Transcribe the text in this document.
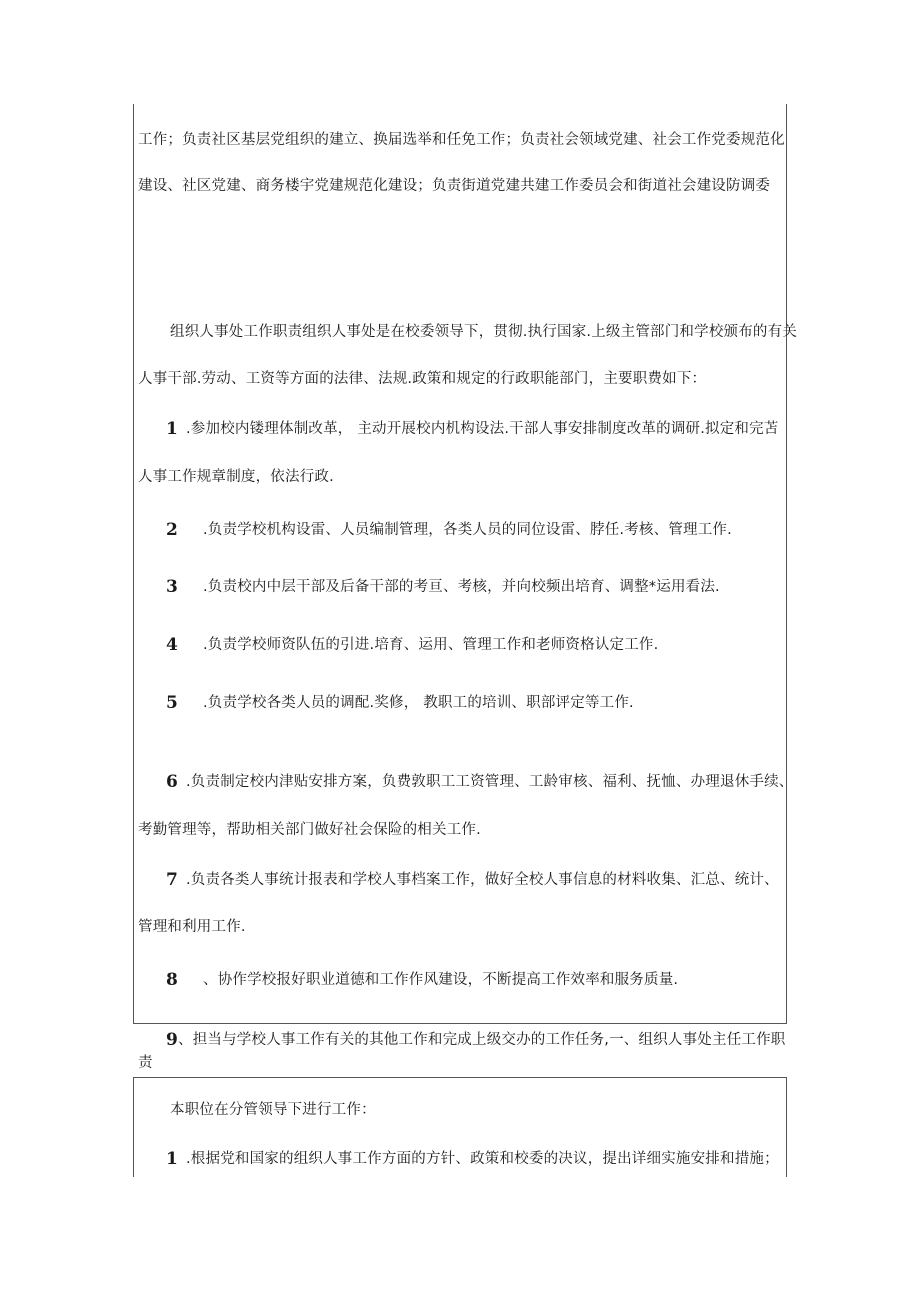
工作；负责社区基层党组织的建立、换届选举和任免工作；负责社会领域党建、社会工作党委规范化
建设、社区党建、商务楼宇党建规范化建设；负责街道党建共建工作委员会和街道社会建设防调委
组织人事处工作职责组织人事处是在校委领导下，贯彻.执行国家.上级主管部门和学校颁布的有关
人事干部.劳动、工资等方面的法律、法规.政策和规定的行政职能部门，主要职费如下：
1 .参加校内镂理体制改革， 主动开展校内机构设法.干部人事安排制度改革的调研.拟定和完苫
人事工作规章制度，依法行政.
2 .负责学校机构设雷、人员编制管理，各类人员的同位设雷、脖任.考核、管理工作.
3 .负责校内中层干部及后备干部的考亘、考核，并向校频出培育、调整*运用看法.
4 .负责学校师资队伍的引进.培育、运用、管理工作和老师资格认定工作.
5 .负责学校各类人员的调配.奖修， 教职工的培训、职部评定等工作.
6 .负责制定校内津贴安排方案，负费敦职工工资管理、工龄审核、福利、抚恤、办理退休手续、
考勤管理等，帮助相关部门做好社会保险的相关工作.
7 .负责各类人事统计报表和学校人事档案工作，做好全校人事信息的材料收集、汇总、统计、
管理和利用工作.
8 、协作学校报好职业道德和工作作风建设，不断提高工作效率和服务质量.
9 、担当与学校人事工作有关的其他工作和完成上级交办的工作任务,一、组织人事处主任工作职
责
本职位在分管领导下进行工作：
1 .根据党和国家的组织人事工作方面的方针、政策和校委的决议，提出详细实施安排和措施；
